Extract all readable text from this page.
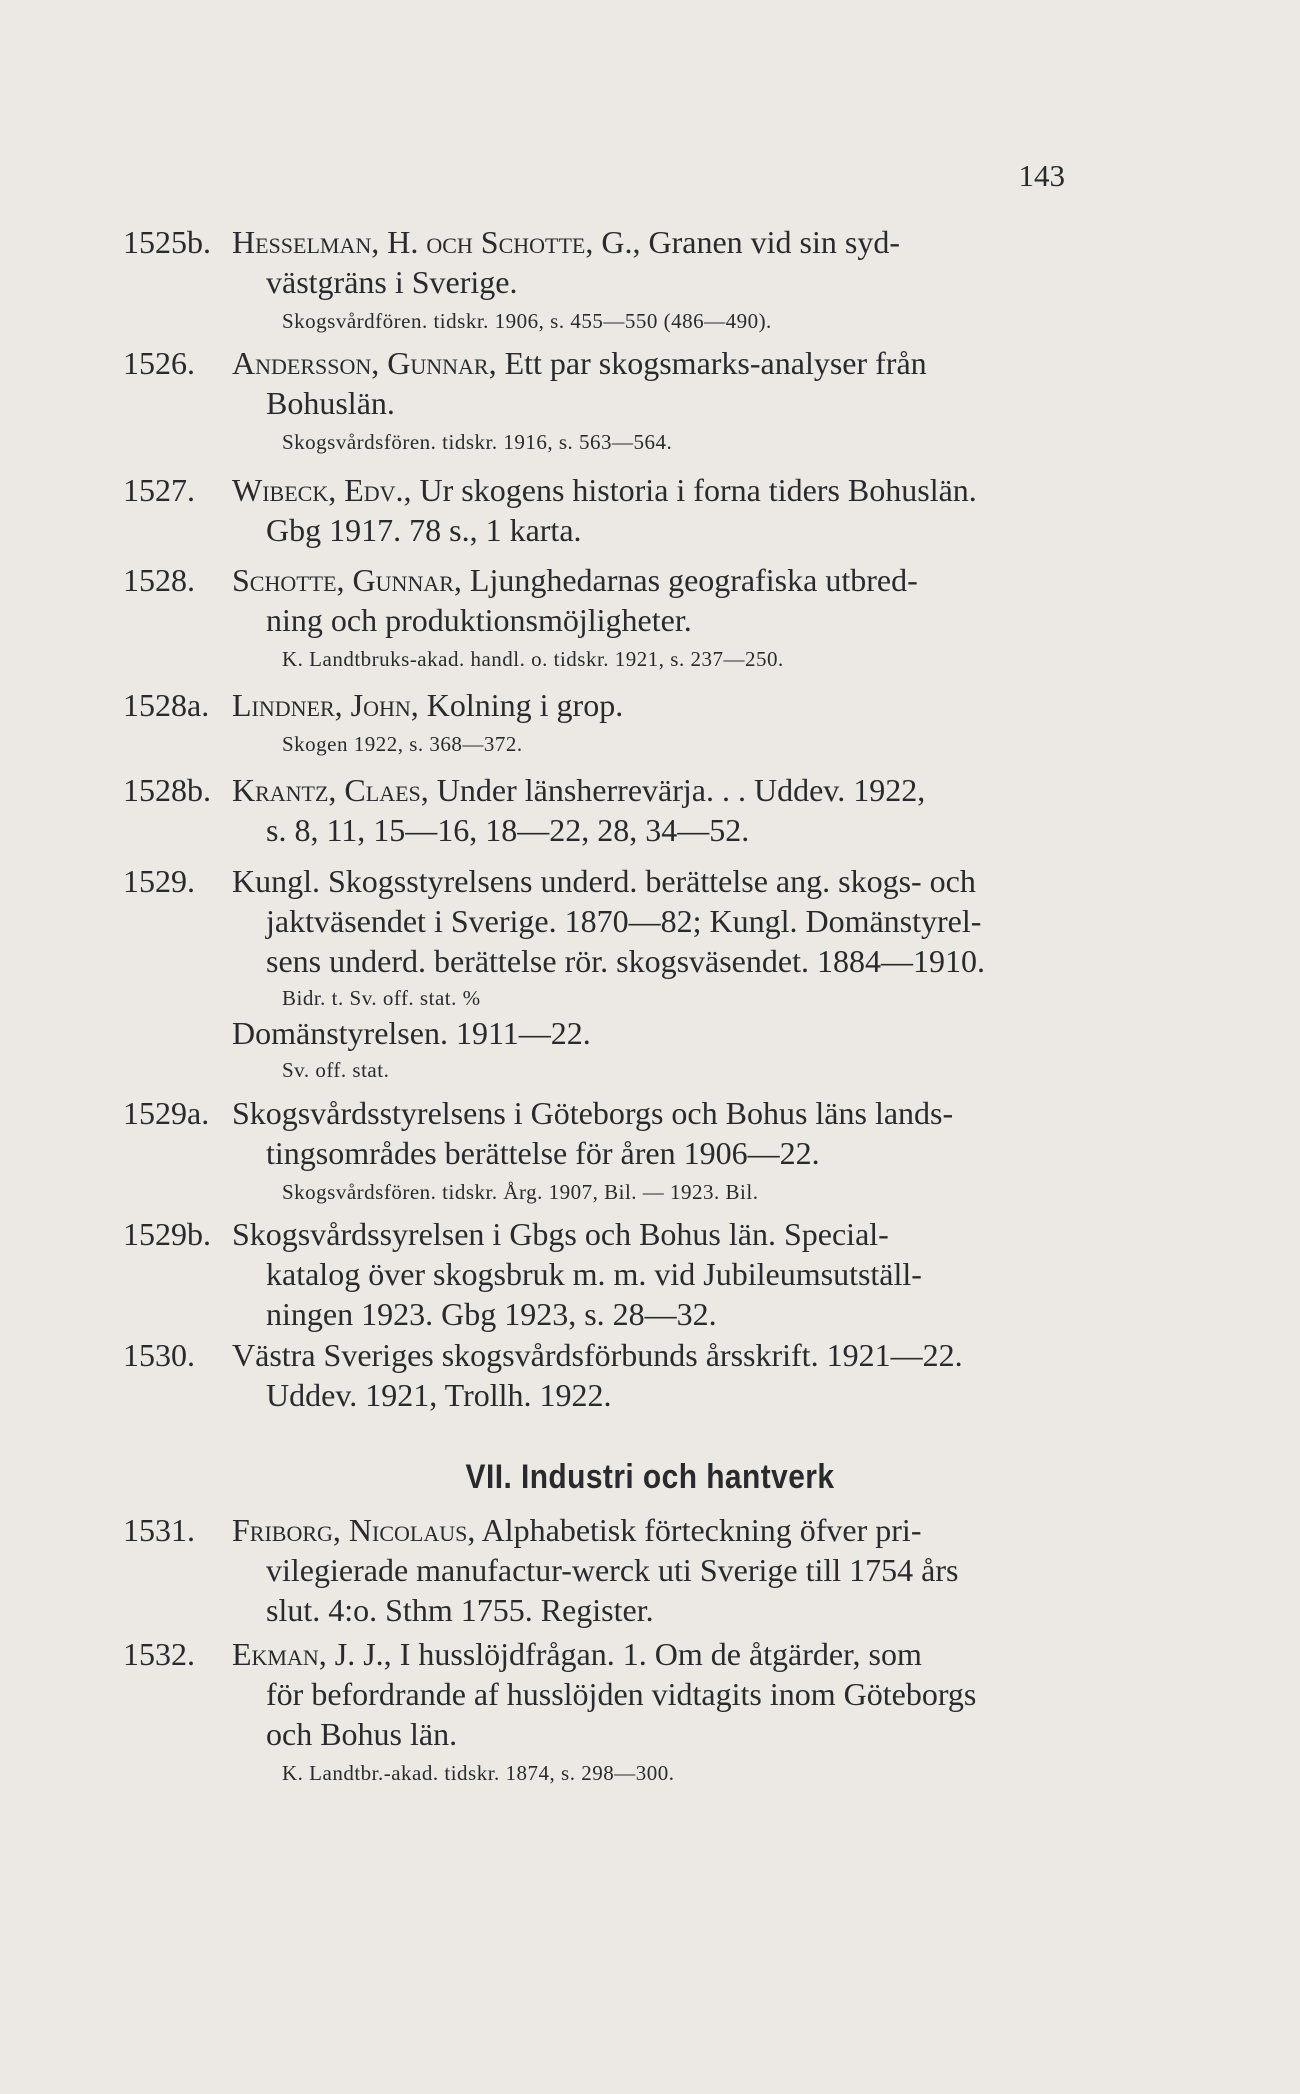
143
1525b. Hesselman, H. och Schotte, G., Granen vid sin syd-
västgräns i Sverige.
Skogsvårdfören. tidskr. 1906, s. 455—550 (486—490).
1526. Andersson, Gunnar, Ett par skogsmarks-analyser från
Bohuslän.
Skogsvårdsfören. tidskr. 1916, s. 563—564.
1527. Wibeck, Edv., Ur skogens historia i forna tiders Bohuslän.
Gbg 1917. 78 s., 1 karta.
1528. Schotte, Gunnar, Ljunghedarnas geografiska utbred-
ning och produktionsmöjligheter.
K. Landtbruks-akad. handl. o. tidskr. 1921, s. 237—250.
1528a. Lindner, John, Kolning i grop.
Skogen 1922, s. 368—372.
1528b. Krantz, Claes, Under länsherrevärja. . . Uddev. 1922,
s. 8, 11, 15—16, 18—22, 28, 34—52.
1529. Kungl. Skogsstyrelsens underd. berättelse ang. skogs- och
jaktväsendet i Sverige. 1870—82; Kungl. Domänstyrel-
sens underd. berättelse rör. skogsväsendet. 1884—1910.
Bidr. t. Sv. off. stat. %
Domänstyrelsen. 1911—22.
Sv. off. stat.
1529a. Skogsvårdsstyrelsens i Göteborgs och Bohus läns lands-
tingsområdes berättelse för åren 1906—22.
Skogsvårdsfören. tidskr. Årg. 1907, Bil. — 1923. Bil.
1529b. Skogsvårdssyrelsen i Gbgs och Bohus län. Special-
katalog över skogsbruk m. m. vid Jubileumsutställ-
ningen 1923. Gbg 1923, s. 28—32.
1530. Västra Sveriges skogsvårdsförbunds årsskrift. 1921—22.
Uddev. 1921, Trollh. 1922.
VII. Industri och hantverk
1531. Friborg, Nicolaus, Alphabetisk förteckning öfver pri-
vilegierade manufactur-werck uti Sverige till 1754 års
slut. 4:o. Sthm 1755. Register.
1532. Ekman, J. J., I husslöjdfrågan. 1. Om de åtgärder, som
för befordrande af husslöjden vidtagits inom Göteborgs
och Bohus län.
K. Landtbr.-akad. tidskr. 1874, s. 298—300.
